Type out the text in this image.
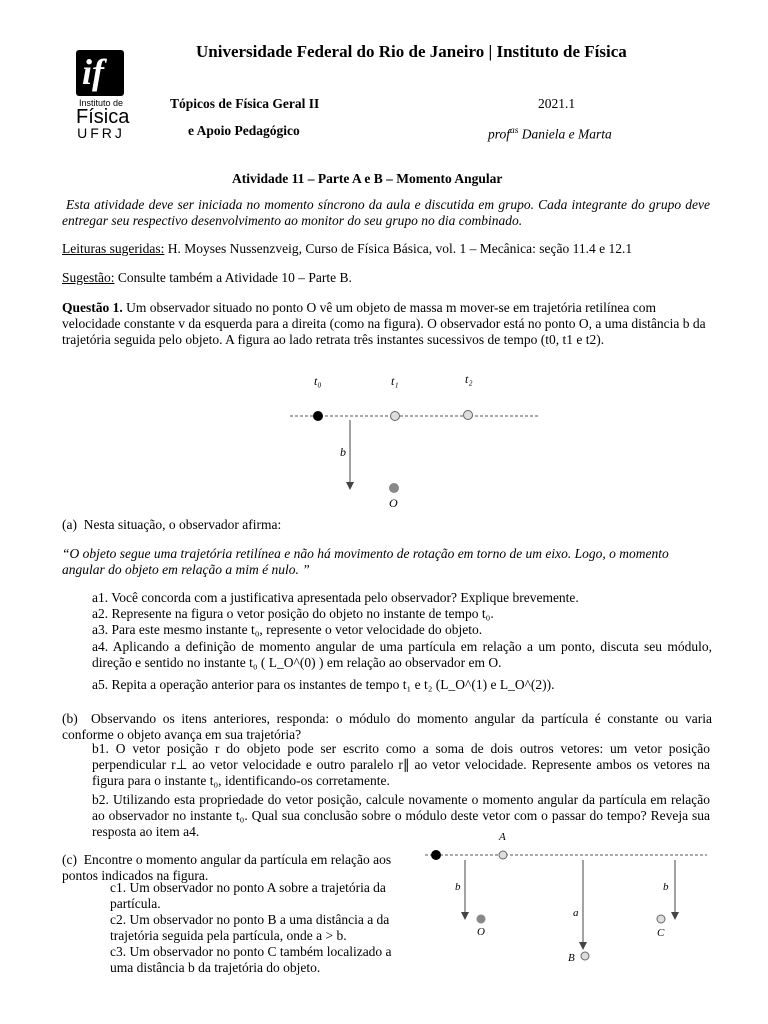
if
Instituto de
Física
UFRJ
Universidade Federal do Rio de Janeiro | Instituto de Física
Tópicos de Física Geral II
e Apoio Pedagógico
2021.1
prof$^{as}$ Daniela e Marta
Atividade 11 – Parte A e B – Momento Angular
Esta atividade deve ser iniciada no momento síncrono da aula e discutida em grupo. Cada integrante do grupo deve entregar seu respectivo desenvolvimento ao monitor do seu grupo no dia combinado.
Leituras sugeridas: H. Moyses Nussenzveig, Curso de Física Básica, vol. 1 – Mecânica: seção 11.4 e 12.1
Sugestão: Consulte também a Atividade 10 – Parte B.
Questão 1. Um observador situado no ponto O vê um objeto de massa m mover-se em trajetória retilínea com velocidade constante v da esquerda para a direita (como na figura). O observador está no ponto O, a uma distância b da trajetória seguida pelo objeto. A figura ao lado retrata três instantes sucessivos de tempo (t0, t1 e t2).
t₀	t₁	t₂
b
O
(a) Nesta situação, o observador afirma:
“O objeto segue uma trajetória retilínea e não há movimento de rotação em torno de um eixo. Logo, o momento angular do objeto em relação a mim é nulo. ”
a1. Você concorda com a justificativa apresentada pelo observador? Explique brevemente.
a2. Represente na figura o vetor posição do objeto no instante de tempo t₀.
a3. Para este mesmo instante t₀, represente o vetor velocidade do objeto.
a4. Aplicando a definição de momento angular de uma partícula em relação a um ponto, discuta seu módulo, direção e sentido no instante t₀ ( L_O^(0) ) em relação ao observador em O.
a5. Repita a operação anterior para os instantes de tempo t₁ e t₂ (L_O^(1) e L_O^(2)).
(b) Observando os itens anteriores, responda: o módulo do momento angular da partícula é constante ou varia conforme o objeto avança em sua trajetória?
b1. O vetor posição r do objeto pode ser escrito como a soma de dois outros vetores: um vetor posição perpendicular r⊥ ao vetor velocidade e outro paralelo r∥ ao vetor velocidade. Represente ambos os vetores na figura para o instante t₀, identificando-os corretamente.
b2. Utilizando esta propriedade do vetor posição, calcule novamente o momento angular da partícula em relação ao observador no instante t₀. Qual sua conclusão sobre o módulo deste vetor com o passar do tempo? Reveja sua resposta ao item a4.
(c) Encontre o momento angular da partícula em relação aos pontos indicados na figura.
c1. Um observador no ponto A sobre a trajetória da partícula.
c2. Um observador no ponto B a uma distância a da trajetória seguida pela partícula, onde a > b.
c3. Um observador no ponto C também localizado a uma distância b da trajetória do objeto.
A
b
O
a
B
b
C
